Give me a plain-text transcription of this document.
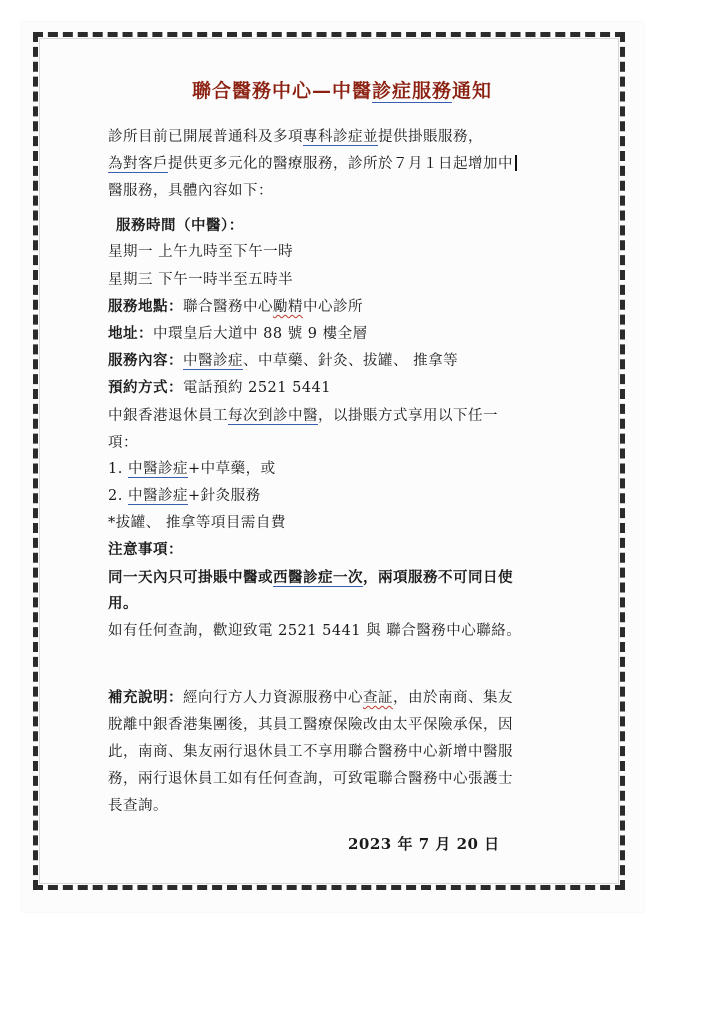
聯合醫務中心—中醫診症服務通知
診所目前已開展普通科及多項專科診症並提供掛賬服務，
為對客戶提供更多元化的醫療服務，診所於７月１日起增加中
醫服務，具體內容如下：
服務時間（中醫）：
星期一 上午九時至下午一時
星期三 下午一時半至五時半
服務地點：聯合醫務中心勵精中心診所
地址：中環皇后大道中 88 號 9 樓全層
服務內容：中醫診症、中草藥、針灸、拔罐、 推拿等
預約方式：電話預約 2521 5441
中銀香港退休員工每次到診中醫，以掛賬方式享用以下任一
項：
1. 中醫診症+中草藥，或
2. 中醫診症+針灸服務
*拔罐、 推拿等項目需自費
注意事項：
同一天內只可掛賬中醫或西醫診症一次，兩項服務不可同日使
用。
如有任何查詢，歡迎致電 2521 5441 與 聯合醫務中心聯絡。
補充說明：經向行方人力資源服務中心查証，由於南商、集友
脫離中銀香港集團後，其員工醫療保險改由太平保險承保，因
此，南商、集友兩行退休員工不享用聯合醫務中心新增中醫服
務，兩行退休員工如有任何查詢，可致電聯合醫務中心張護士
長查詢。
2023 年 7 月 20 日
